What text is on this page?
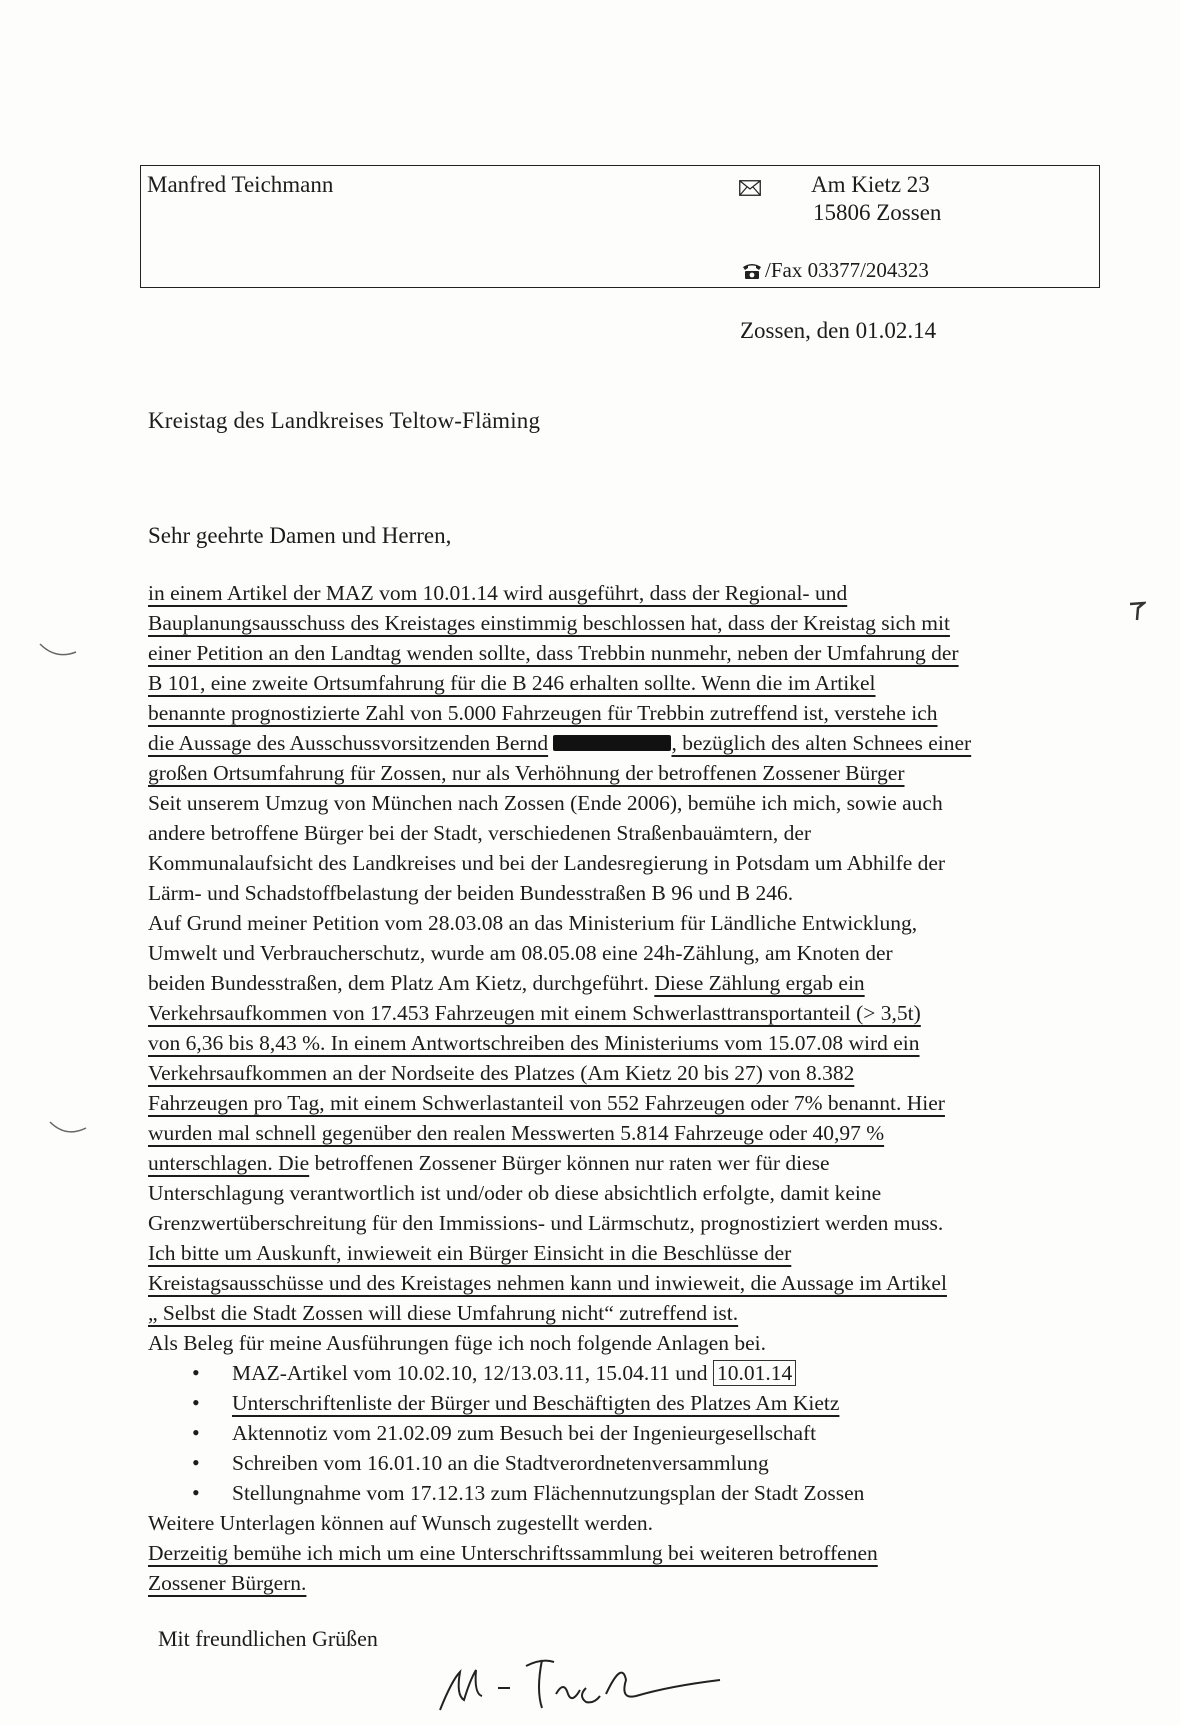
Manfred Teichmann	Am Kietz 23
15806 Zossen
/Fax 03377/204323
Zossen, den 01.02.14
Kreistag des Landkreises Teltow-Fläming
Sehr geehrte Damen und Herren,
in einem Artikel der MAZ vom 10.01.14 wird ausgeführt, dass der Regional- und
Bauplanungsausschuss des Kreistages einstimmig beschlossen hat, dass der Kreistag sich mit
einer Petition an den Landtag wenden sollte, dass Trebbin nunmehr, neben der Umfahrung der
B 101, eine zweite Ortsumfahrung für die B 246 erhalten sollte. Wenn die im Artikel
benannte prognostizierte Zahl von 5.000 Fahrzeugen für Trebbin zutreffend ist, verstehe ich
die Aussage des Ausschussvorsitzenden Bernd	, bezüglich des alten Schnees einer
großen Ortsumfahrung für Zossen, nur als Verhöhnung der betroffenen Zossener Bürger
Seit unserem Umzug von München nach Zossen (Ende 2006), bemühe ich mich, sowie auch
andere betroffene Bürger bei der Stadt, verschiedenen Straßenbauämtern, der
Kommunalaufsicht des Landkreises und bei der Landesregierung in Potsdam um Abhilfe der
Lärm- und Schadstoffbelastung der beiden Bundesstraßen B 96 und B 246.
Auf Grund meiner Petition vom 28.03.08 an das Ministerium für Ländliche Entwicklung,
Umwelt und Verbraucherschutz, wurde am 08.05.08 eine 24h-Zählung, am Knoten der
beiden Bundesstraßen, dem Platz Am Kietz, durchgeführt. Diese Zählung ergab ein
Verkehrsaufkommen von 17.453 Fahrzeugen mit einem Schwerlasttransportanteil (> 3,5t)
von 6,36 bis 8,43 %. In einem Antwortschreiben des Ministeriums vom 15.07.08 wird ein
Verkehrsaufkommen an der Nordseite des Platzes (Am Kietz 20 bis 27) von 8.382
Fahrzeugen pro Tag, mit einem Schwerlastanteil von 552 Fahrzeugen oder 7% benannt. Hier
wurden mal schnell gegenüber den realen Messwerten 5.814 Fahrzeuge oder 40,97 %
unterschlagen. Die betroffenen Zossener Bürger können nur raten wer für diese
Unterschlagung verantwortlich ist und/oder ob diese absichtlich erfolgte, damit keine
Grenzwertüberschreitung für den Immissions- und Lärmschutz, prognostiziert werden muss.
Ich bitte um Auskunft, inwieweit ein Bürger Einsicht in die Beschlüsse der
Kreistagsausschüsse und des Kreistages nehmen kann und inwieweit, die Aussage im Artikel
„ Selbst die Stadt Zossen will diese Umfahrung nicht“ zutreffend ist.
Als Beleg für meine Ausführungen füge ich noch folgende Anlagen bei.
• MAZ-Artikel vom 10.02.10, 12/13.03.11, 15.04.11 und 10.01.14
• Unterschriftenliste der Bürger und Beschäftigten des Platzes Am Kietz
• Aktennotiz vom 21.02.09 zum Besuch bei der Ingenieurgesellschaft
• Schreiben vom 16.01.10 an die Stadtverordnetenversammlung
• Stellungnahme vom 17.12.13 zum Flächennutzungsplan der Stadt Zossen
Weitere Unterlagen können auf Wunsch zugestellt werden.
Derzeitig bemühe ich mich um eine Unterschriftssammlung bei weiteren betroffenen
Zossener Bürgern.
Mit freundlichen Grüßen
